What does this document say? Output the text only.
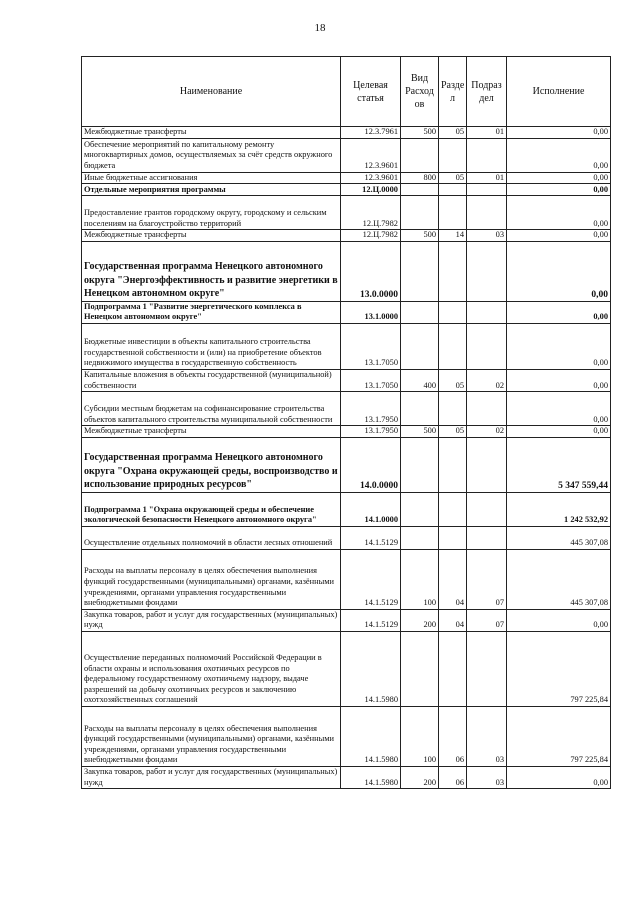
18
Наименование	Целевая статья	Вид Расход ов	Разде л	Подраз дел	Исполнение
Межбюджетные трансферты	12.3.7961	500	05	01	0,00
Обеспечение мероприятий по капитальному ремонту многоквартирных домов, осуществляемых за счёт средств окружного бюджета	12.3.9601				0,00
Иные бюджетные ассигнования	12.3.9601	800	05	01	0,00
Отдельные мероприятия программы	12.Ц.0000				0,00
Предоставление грантов городскому округу, городскому и сельским поселениям на благоустройство территорий	12.Ц.7982				0,00
Межбюджетные трансферты	12.Ц.7982	500	14	03	0,00
Государственная программа Ненецкого автономного округа "Энергоэффективность и развитие энергетики в Ненецком автономном округе"	13.0.0000				0,00
Подпрограмма 1 "Развитие энергетического комплекса в Ненецком автономном округе"	13.1.0000				0,00
Бюджетные инвестиции в объекты капитального строительства государственной собственности и (или) на приобретение объектов недвижимого имущества в государственную собственность	13.1.7050				0,00
Капитальные вложения в объекты государственной (муниципальной) собственности	13.1.7050	400	05	02	0,00
Субсидии местным бюджетам на софинансирование строительства объектов капитального строительства муниципальной собственности	13.1.7950				0,00
Межбюджетные трансферты	13.1.7950	500	05	02	0,00
Государственная программа Ненецкого автономного округа "Охрана окружающей среды, воспроизводство и использование природных ресурсов"	14.0.0000				5 347 559,44
Подпрограмма 1 "Охрана окружающей среды и обеспечение экологической безопасности Ненецкого автономного округа"	14.1.0000				1 242 532,92
Осуществление отдельных полномочий в области лесных отношений	14.1.5129				445 307,08
Расходы на выплаты персоналу в целях обеспечения выполнения функций государственными (муниципальными) органами, казёнными учреждениями, органами управления государственными внебюджетными фондами	14.1.5129	100	04	07	445 307,08
Закупка товаров, работ и услуг для государственных (муниципальных) нужд	14.1.5129	200	04	07	0,00
Осуществление переданных полномочий Российской Федерации в области охраны и использования охотничьих ресурсов по федеральному государственному охотничьему надзору, выдаче разрешений на добычу охотничьих ресурсов и заключению охотхозяйственных соглашений	14.1.5980				797 225,84
Расходы на выплаты персоналу в целях обеспечения выполнения функций государственными (муниципальными) органами, казёнными учреждениями, органами управления государственными внебюджетными фондами	14.1.5980	100	06	03	797 225,84
Закупка товаров, работ и услуг для государственных (муниципальных) нужд	14.1.5980	200	06	03	0,00
